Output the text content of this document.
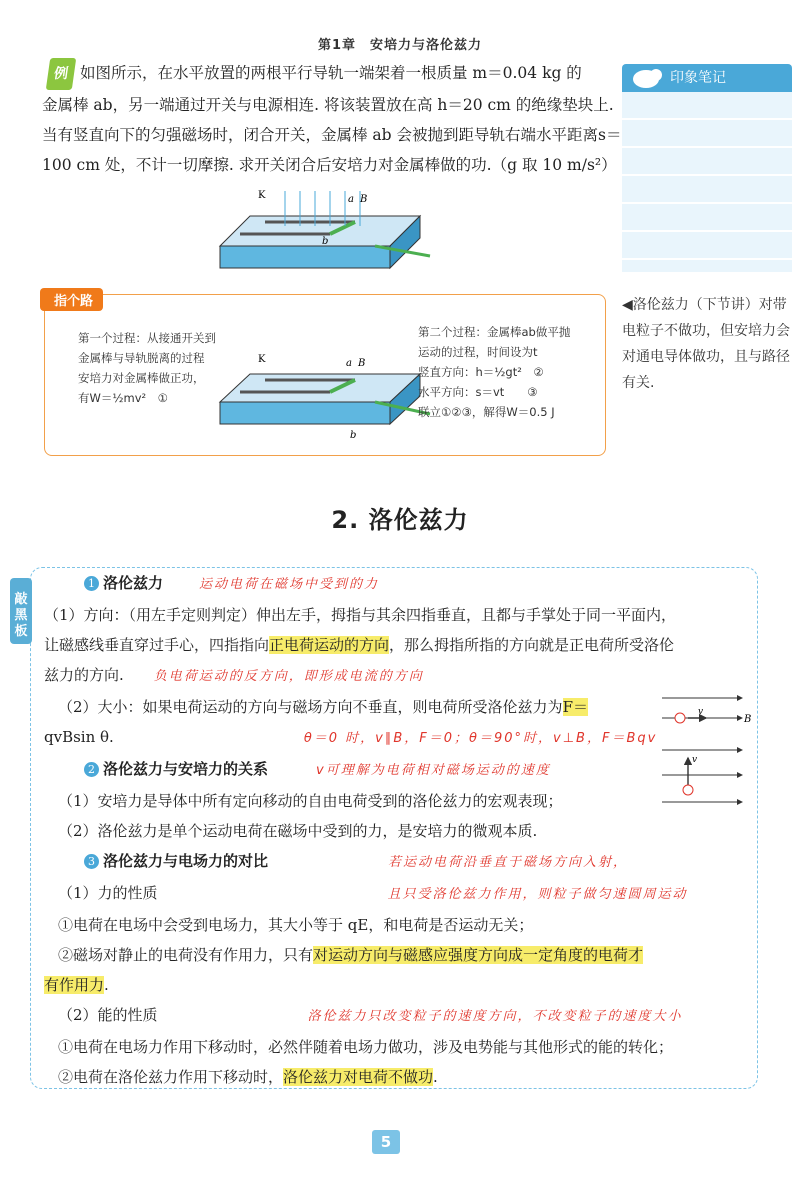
第1章　安培力与洛伦兹力
例 如图所示，在水平放置的两根平行导轨一端架着一根质量 m＝0.04 kg 的
金属棒 ab，另一端通过开关与电源相连. 将该装置放在高 h＝20 cm 的绝缘垫块上.
当有竖直向下的匀强磁场时，闭合开关，金属棒 ab 会被抛到距导轨右端水平距离s＝
100 cm 处，不计一切摩擦. 求开关闭合后安培力对金属棒做的功.（g 取 10 m/s²）
K	a B
b
印象笔记
指个路
第一个过程：从接通开关到
金属棒与导轨脱离的过程
安培力对金属棒做正功，
有W＝½mv²　①
K	a B
b
第二个过程：金属棒ab做平抛
运动的过程，时间设为t
竖直方向：h＝½gt²　②
水平方向：s＝vt　　③
联立①②③，解得W＝0.5 J
◀洛伦兹力（下节讲）对带电粒子不做功，但安培力会对通电导体做功，且与路径有关.
2. 洛伦兹力
敲黑板
1 洛伦兹力	运动电荷在磁场中受到的力
（1）方向：（用左手定则判定）伸出左手，拇指与其余四指垂直，且都与手掌处于同一平面内，
让磁感线垂直穿过手心，四指指向正电荷运动的方向，那么拇指所指的方向就是正电荷所受洛伦
兹力的方向. 负电荷运动的反方向，即形成电流的方向
（2）大小：如果电荷运动的方向与磁场方向不垂直，则电荷所受洛伦兹力为F＝
qvBsin θ.	θ＝0 时，v∥B，F＝0；θ＝90°时，v⊥B，F＝Bqv
2 洛伦兹力与安培力的关系	v可理解为电荷相对磁场运动的速度
（1）安培力是导体中所有定向移动的自由电荷受到的洛伦兹力的宏观表现；
（2）洛伦兹力是单个运动电荷在磁场中受到的力，是安培力的微观本质.
3 洛伦兹力与电场力的对比	若运动电荷沿垂直于磁场方向入射，
（1）力的性质	且只受洛伦兹力作用，则粒子做匀速圆周运动
①电荷在电场中会受到电场力，其大小等于 qE，和电荷是否运动无关；
②磁场对静止的电荷没有作用力，只有对运动方向与磁感应强度方向成一定角度的电荷才
有作用力.
（2）能的性质	洛伦兹力只改变粒子的速度方向，不改变粒子的速度大小
①电荷在电场力作用下移动时，必然伴随着电场力做功，涉及电势能与其他形式的能的转化；
②电荷在洛伦兹力作用下移动时，洛伦兹力对电荷不做功.
B
v
v
5
